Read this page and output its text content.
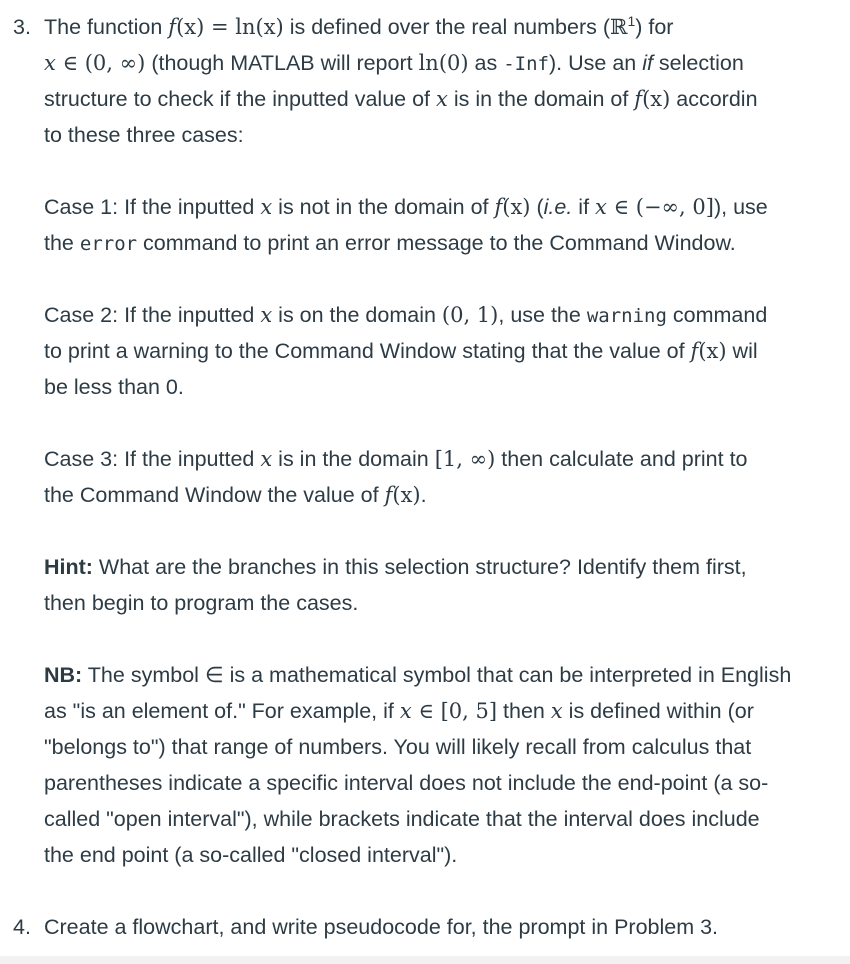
3. The function f(x) = ln(x) is defined over the real numbers (ℝ$^1$) for
x ∈ (0, ∞) (though MATLAB will report ln(0) as -Inf). Use an if selection
structure to check if the inputted value of x is in the domain of f(x) accordin
to these three cases:
Case 1: If the inputted x is not in the domain of f(x) (i.e. if x ∈ (−∞, 0]), use
the error command to print an error message to the Command Window.
Case 2: If the inputted x is on the domain (0, 1), use the warning command
to print a warning to the Command Window stating that the value of f(x) wil
be less than 0.
Case 3: If the inputted x is in the domain [1, ∞) then calculate and print to
the Command Window the value of f(x).
Hint: What are the branches in this selection structure? Identify them first,
then begin to program the cases.
NB: The symbol ∈ is a mathematical symbol that can be interpreted in English
as "is an element of." For example, if x ∈ [0, 5] then x is defined within (or
"belongs to") that range of numbers. You will likely recall from calculus that
parentheses indicate a specific interval does not include the end-point (a so-
called "open interval"), while brackets indicate that the interval does include
the end point (a so-called "closed interval").
4. Create a flowchart, and write pseudocode for, the prompt in Problem 3.
